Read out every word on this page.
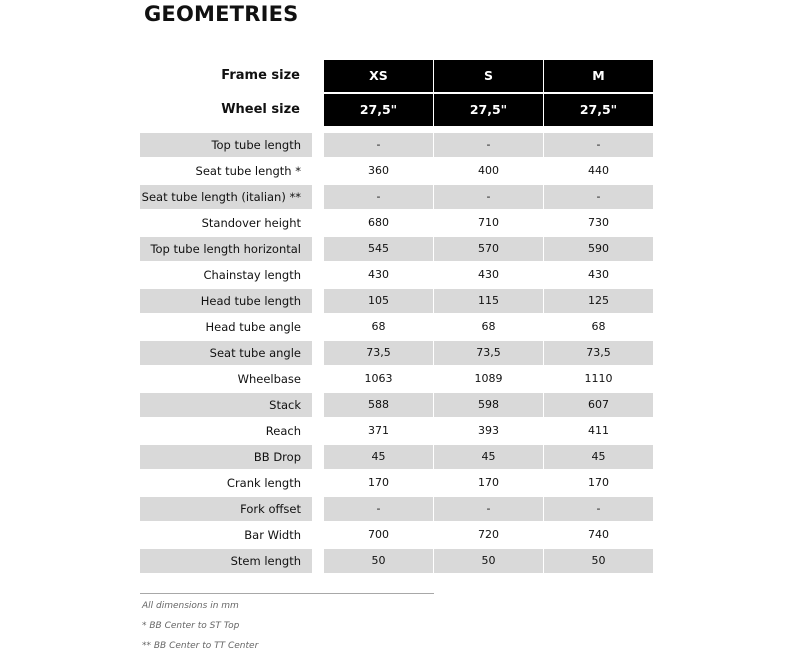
GEOMETRIES
Frame size	XS	S	M
Wheel size	27,5"	27,5"	27,5"
Top tube length	-	-	-
Seat tube length *	360	400	440
Seat tube length (italian) **	-	-	-
Standover height	680	710	730
Top tube length horizontal	545	570	590
Chainstay length	430	430	430
Head tube length	105	115	125
Head tube angle	68	68	68
Seat tube angle	73,5	73,5	73,5
Wheelbase	1063	1089	1110
Stack	588	598	607
Reach	371	393	411
BB Drop	45	45	45
Crank length	170	170	170
Fork offset	-	-	-
Bar Width	700	720	740
Stem length	50	50	50
All dimensions in mm
* BB Center to ST Top
** BB Center to TT Center
